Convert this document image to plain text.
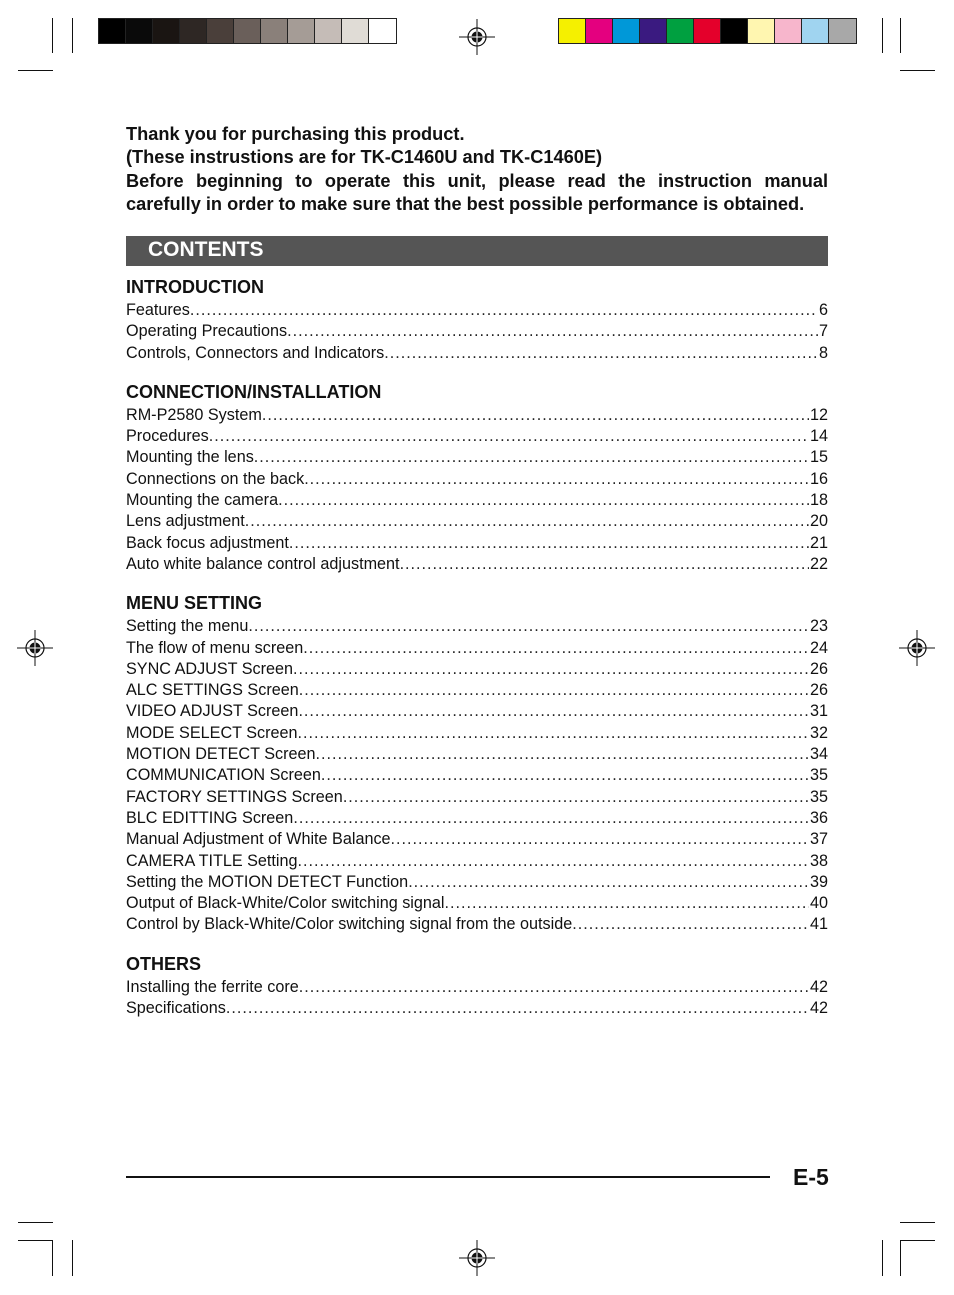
Thank you for purchasing this product.

(These instrustions are for TK-C1460U and TK-C1460E)

Before beginning to operate this unit, please read the instruction manual carefully in order to make sure that the best possible performance is obtained.

CONTENTS
INTRODUCTION
Features .....	6
Operating Precautions .....	7
Controls, Connectors and Indicators .....	8
CONNECTION/INSTALLATION
RM-P2580 System .....	12
Procedures .....	14
Mounting the lens .....	15
Connections on the back .....	16
Mounting the camera .....	18
Lens adjustment .....	20
Back focus adjustment .....	21
Auto white balance control adjustment .....	22
MENU SETTING
Setting the menu .....	23
The flow of menu screen .....	24
SYNC ADJUST Screen .....	26
ALC SETTINGS Screen .....	26
VIDEO ADJUST Screen .....	31
MODE SELECT Screen .....	32
MOTION DETECT Screen .....	34
COMMUNICATION Screen .....	35
FACTORY SETTINGS Screen .....	35
BLC EDITTING Screen .....	36
Manual Adjustment of White Balance .....	37
CAMERA TITLE Setting .....	38
Setting the MOTION DETECT Function .....	39
Output of Black-White/Color switching signal .....	40
Control by Black-White/Color switching signal from the outside .....	41
OTHERS
Installing the ferrite core .....	42
Specifications .....	42
E-5
